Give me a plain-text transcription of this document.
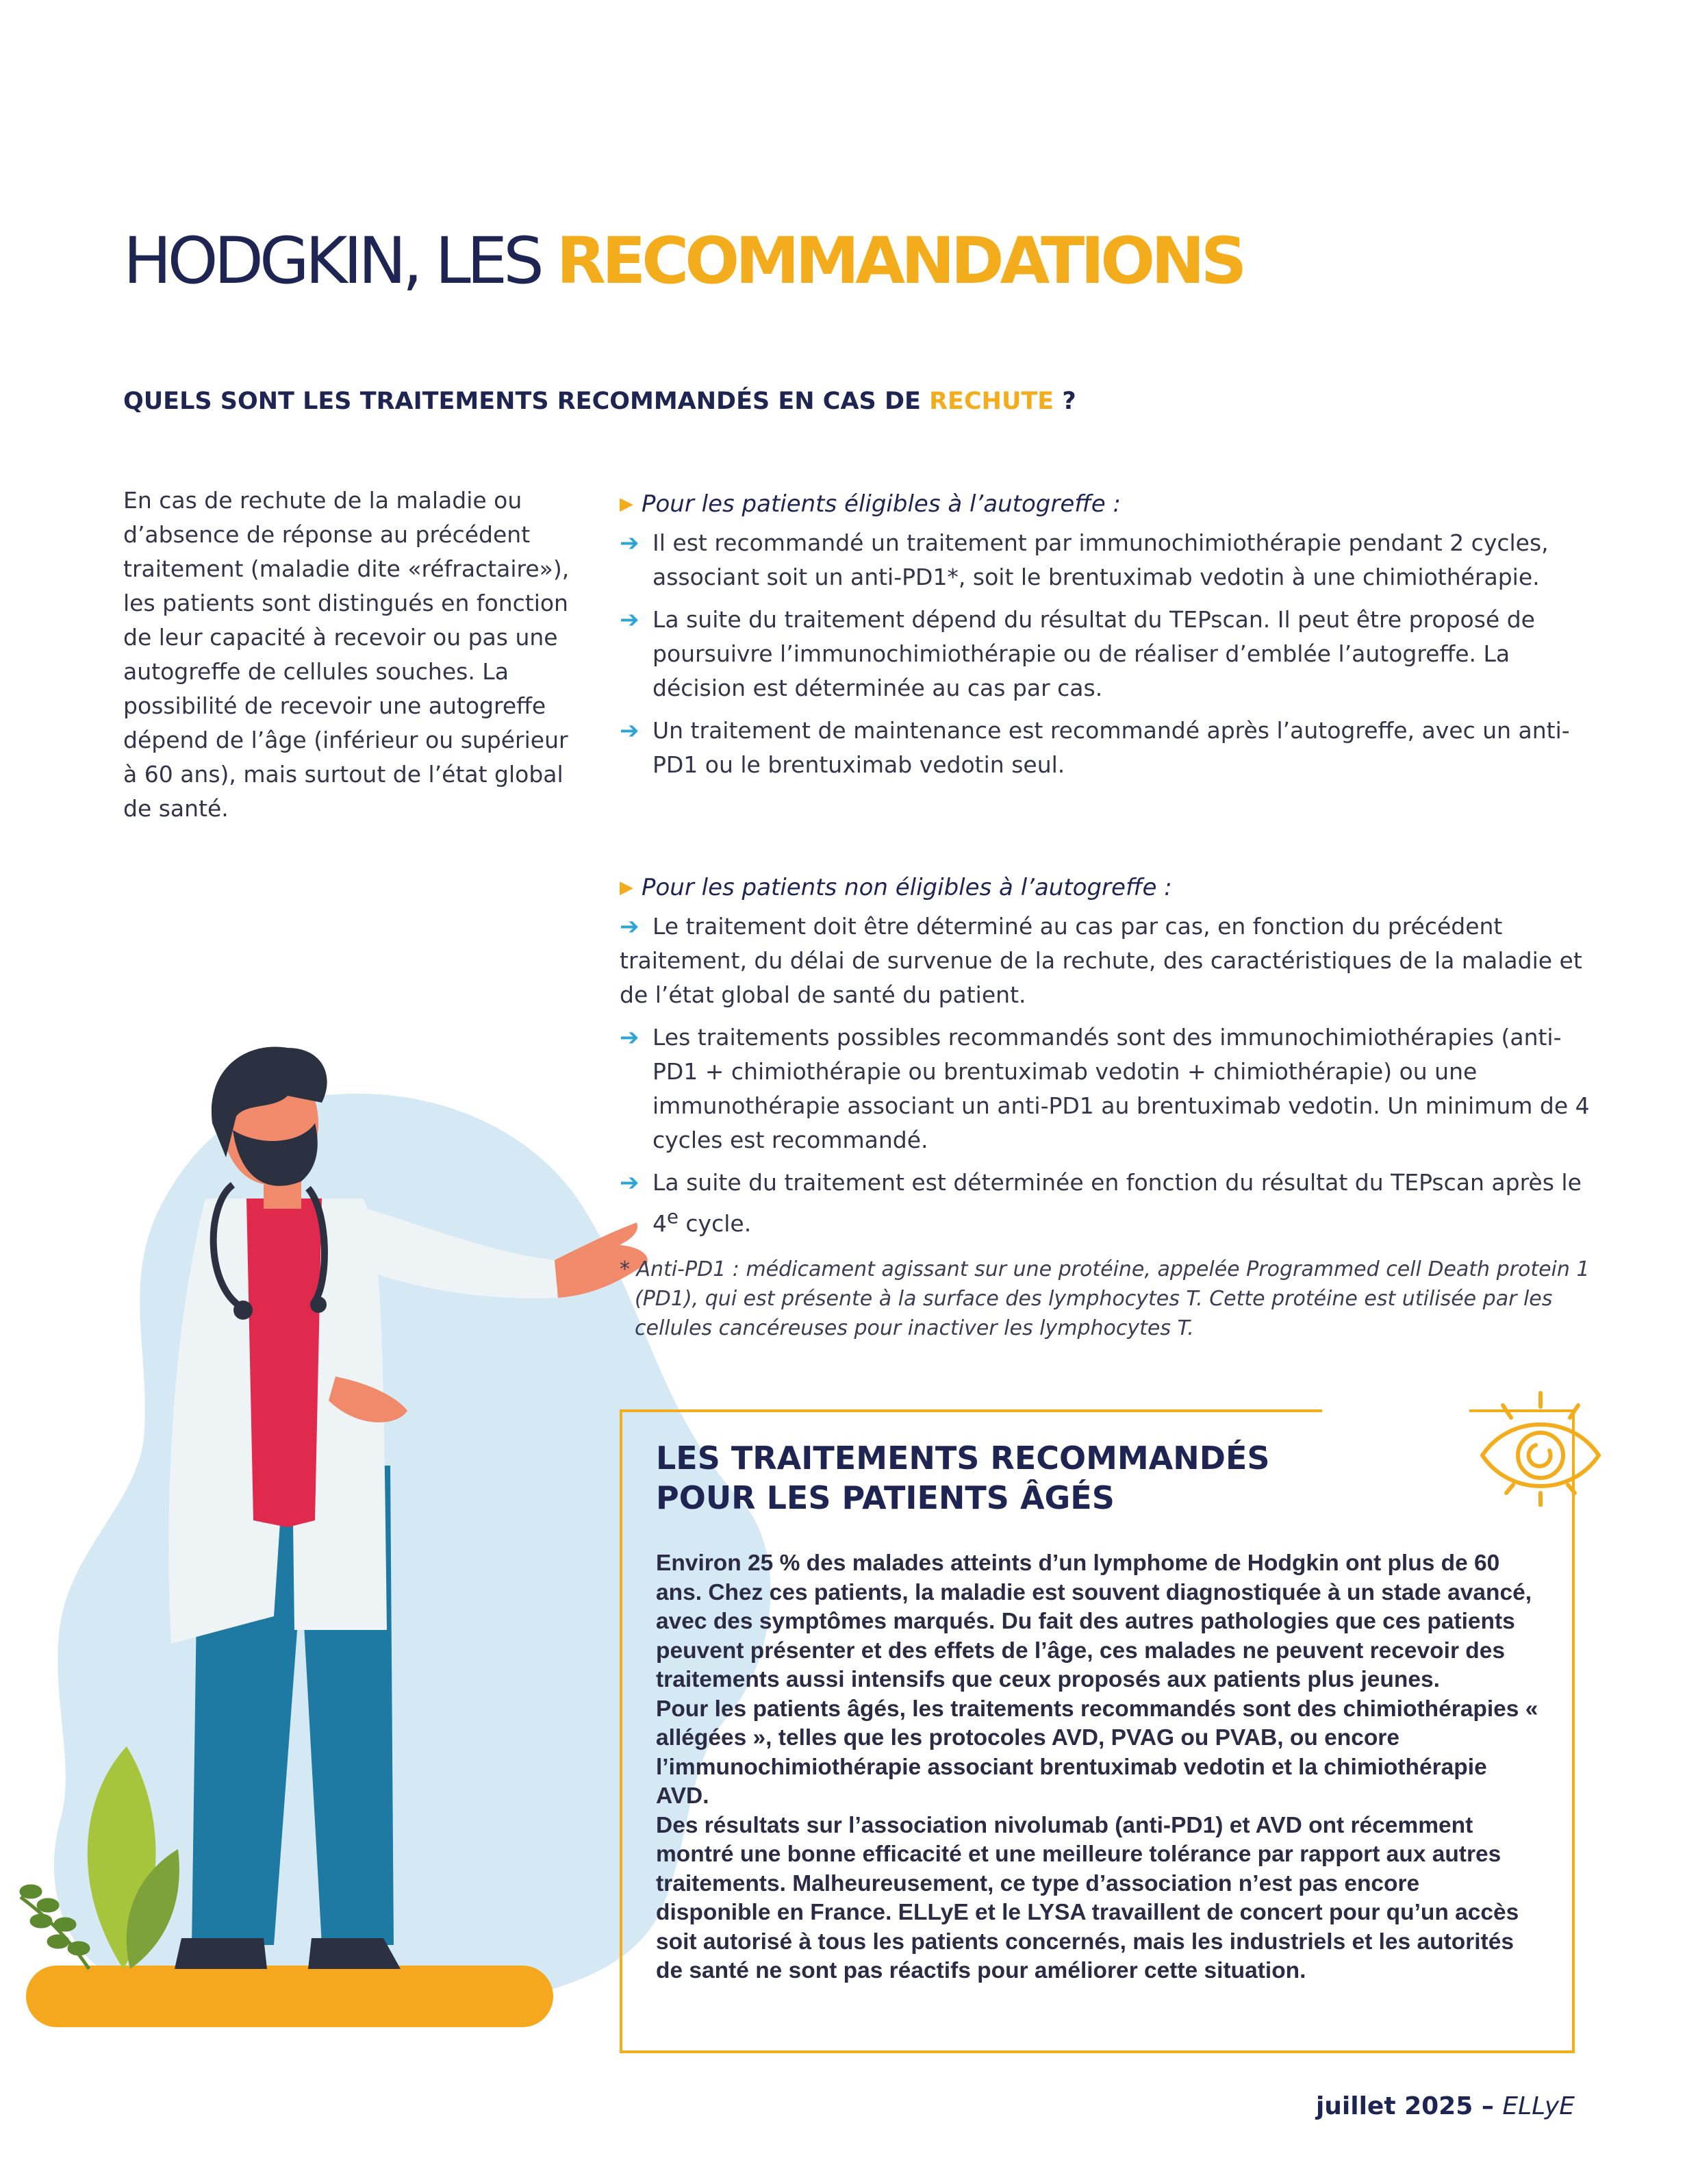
HODGKIN, LES RECOMMANDATIONS
QUELS SONT LES TRAITEMENTS RECOMMANDÉS EN CAS DE RECHUTE ?

En cas de rechute de la maladie ou d’absence de réponse au précédent traitement (maladie dite «réfractaire»), les patients sont distingués en fonction de leur capacité à recevoir ou pas une autogreffe de cellules souches. La possibilité de recevoir une autogreffe dépend de l’âge (inférieur ou supérieur à 60 ans), mais surtout de l’état global de santé.

▶ Pour les patients éligibles à l’autogreffe :

➔ Il est recommandé un traitement par immunochimiothérapie pendant 2 cycles, associant soit un anti-PD1*, soit le brentuximab vedotin à une chimiothérapie.
➔ La suite du traitement dépend du résultat du TEPscan. Il peut être proposé de poursuivre l’immunochimiothérapie ou de réaliser d’emblée l’autogreffe. La décision est déterminée au cas par cas.
➔ Un traitement de maintenance est recommandé après l’autogreffe, avec un anti-PD1 ou le brentuximab vedotin seul.

▶ Pour les patients non éligibles à l’autogreffe :

➔ Le traitement doit être déterminé au cas par cas, en fonction du précédent traitement, du délai de survenue de la rechute, des caractéristiques de la maladie et de l’état global de santé du patient.
➔ Les traitements possibles recommandés sont des immunochimiothérapies (anti-PD1 + chimiothérapie ou brentuximab vedotin + chimiothérapie) ou une immunothérapie associant un anti-PD1 au brentuximab vedotin. Un minimum de 4 cycles est recommandé.
➔ La suite du traitement est déterminée en fonction du résultat du TEPscan après le 4e cycle.

* Anti-PD1 : médicament agissant sur une protéine, appelée Programmed cell Death protein 1 (PD1), qui est présente à la surface des lymphocytes T. Cette protéine est utilisée par les cellules cancéreuses pour inactiver les lymphocytes T.

LES TRAITEMENTS RECOMMANDÉS
POUR LES PATIENTS ÂGÉS

Environ 25 % des malades atteints d’un lymphome de Hodgkin ont plus de 60 ans. Chez ces patients, la maladie est souvent diagnostiquée à un stade avancé, avec des symptômes marqués. Du fait des autres pathologies que ces patients peuvent présenter et des effets de l’âge, ces malades ne peuvent recevoir des traitements aussi intensifs que ceux proposés aux patients plus jeunes.

Pour les patients âgés, les traitements recommandés sont des chimiothérapies « allégées », telles que les protocoles AVD, PVAG ou PVAB, ou encore l’immunochimiothérapie associant brentuximab vedotin et la chimiothérapie AVD.

Des résultats sur l’association nivolumab (anti-PD1) et AVD ont récemment montré une bonne efficacité et une meilleure tolérance par rapport aux autres traitements. Malheureusement, ce type d’association n’est pas encore disponible en France. ELLyE et le LYSA travaillent de concert pour qu’un accès soit autorisé à tous les patients concernés, mais les industriels et les autorités de santé ne sont pas réactifs pour améliorer cette situation.

juillet 2025 – ELLyE
